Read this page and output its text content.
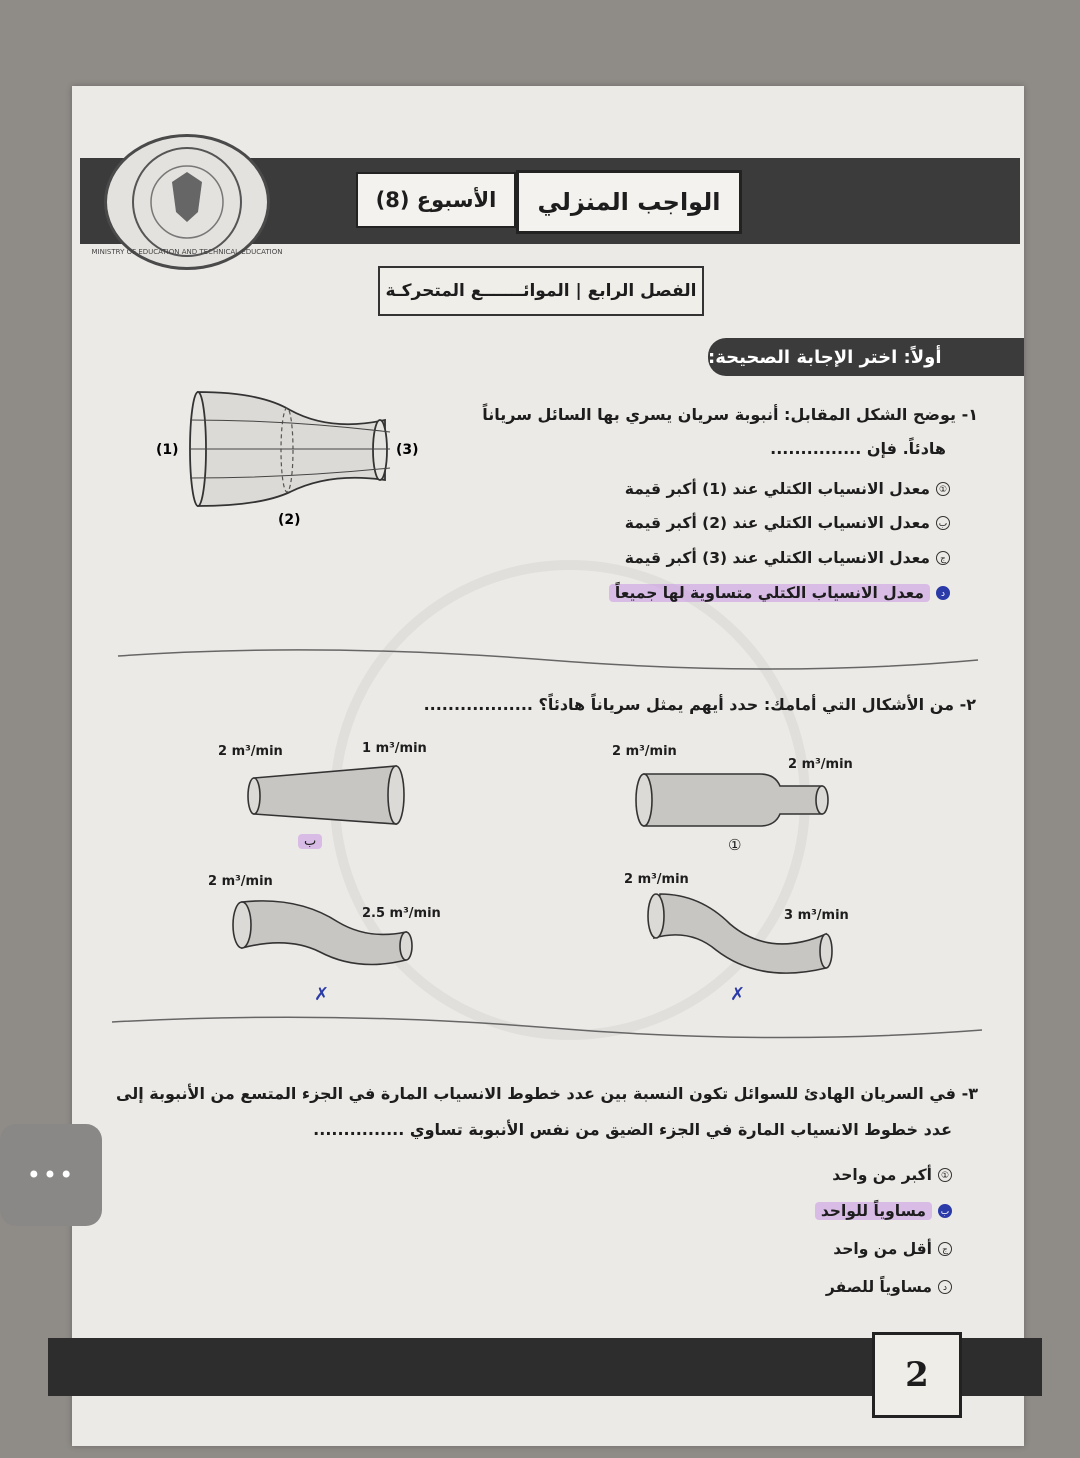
MINISTRY OF EDUCATION AND TECHNICAL EDUCATION
الواجب المنزلي
الأسبوع (8)
الفصل الرابع | الموائـــــــع المتحركـة
أولاً: اختر الإجابة الصحيحة:
١- يوضح الشكل المقابل: أنبوبة سريان يسري بها السائل سرياناً
هادئاً. فإن ...............
(1)
(2)
(3)
①
معدل الانسياب الكتلي عند (1) أكبر قيمة
ب
معدل الانسياب الكتلي عند (2) أكبر قيمة
ج
معدل الانسياب الكتلي عند (3) أكبر قيمة
د
معدل الانسياب الكتلي متساوية لها جميعاً
٢- من الأشكال التي أمامك: حدد أيهم يمثل سرياناً هادئاً؟ ..................
2 m³/min
2 m³/min
①
2 m³/min	1 m³/min
ب
2 m³/min
3 m³/min
✗
2 m³/min
2.5 m³/min
✗
٣- في السريان الهادئ للسوائل تكون النسبة بين عدد خطوط الانسياب المارة في الجزء المتسع من الأنبوبة إلى
عدد خطوط الانسياب المارة في الجزء الضيق من نفس الأنبوبة تساوي ...............
①
أكبر من واحد
ب
مساوياً للواحد
ج
أقل من واحد
د
مساوياً للصفر
2
•••
